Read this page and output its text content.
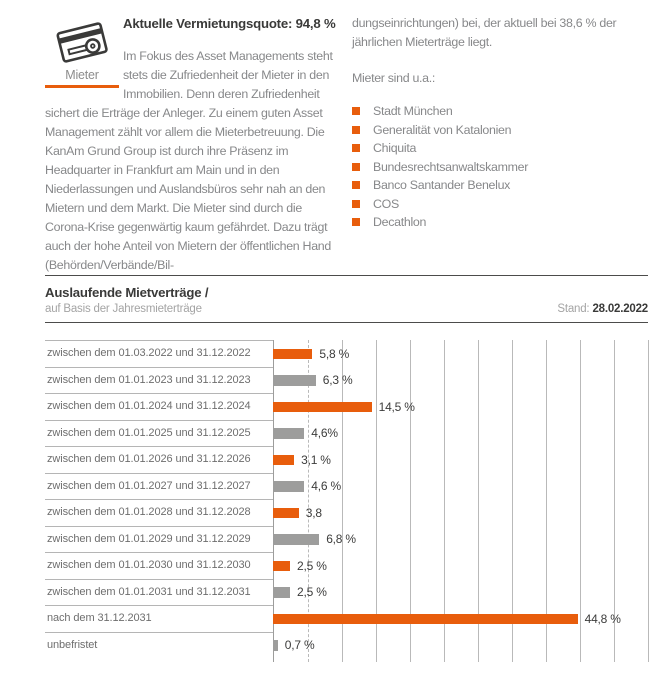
Mieter
Aktuelle Vermietungsquote: 94,8 %

Im Fokus des Asset Managements steht stets die Zufriedenheit der Mieter in den Immobilien. Denn deren Zufriedenheit sichert die Erträge der Anleger. Zu einem guten Asset Management zählt vor allem die Mieterbetreuung. Die KanAm Grund Group ist durch ihre Präsenz im Headquarter in Frankfurt am Main und in den Niederlassungen und Auslandsbüros sehr nah an den Mietern und dem Markt. Die Mieter sind durch die Corona-Krise gegenwärtig kaum gefährdet. Dazu trägt auch der hohe Anteil von Mietern der öffentlichen Hand (Behörden/Verbände/Bil-

dungseinrichtungen) bei, der aktuell bei 38,6 % der jährlichen Mieterträge liegt.

Mieter sind u.a.:

Stadt München
Generalität von Katalonien
Chiquita
Bundesrechtsanwaltskammer
Banco Santander Benelux
COS
Decathlon
Auslaufende Mietverträge /
auf Basis der Jahresmieterträge	Stand: 28.02.2022
zwischen dem 01.03.2022 und 31.12.2022	5,8 %
zwischen dem 01.01.2023 und 31.12.2023	6,3 %
zwischen dem 01.01.2024 und 31.12.2024	14,5 %
zwischen dem 01.01.2025 und 31.12.2025	4,6%
zwischen dem 01.01.2026 und 31.12.2026	3,1 %
zwischen dem 01.01.2027 und 31.12.2027	4,6 %
zwischen dem 01.01.2028 und 31.12.2028	3,8
zwischen dem 01.01.2029 und 31.12.2029	6,8 %
zwischen dem 01.01.2030 und 31.12.2030	2,5 %
zwischen dem 01.01.2031 und 31.12.2031	2,5 %
nach dem 31.12.2031	44,8 %
unbefristet	0,7 %
